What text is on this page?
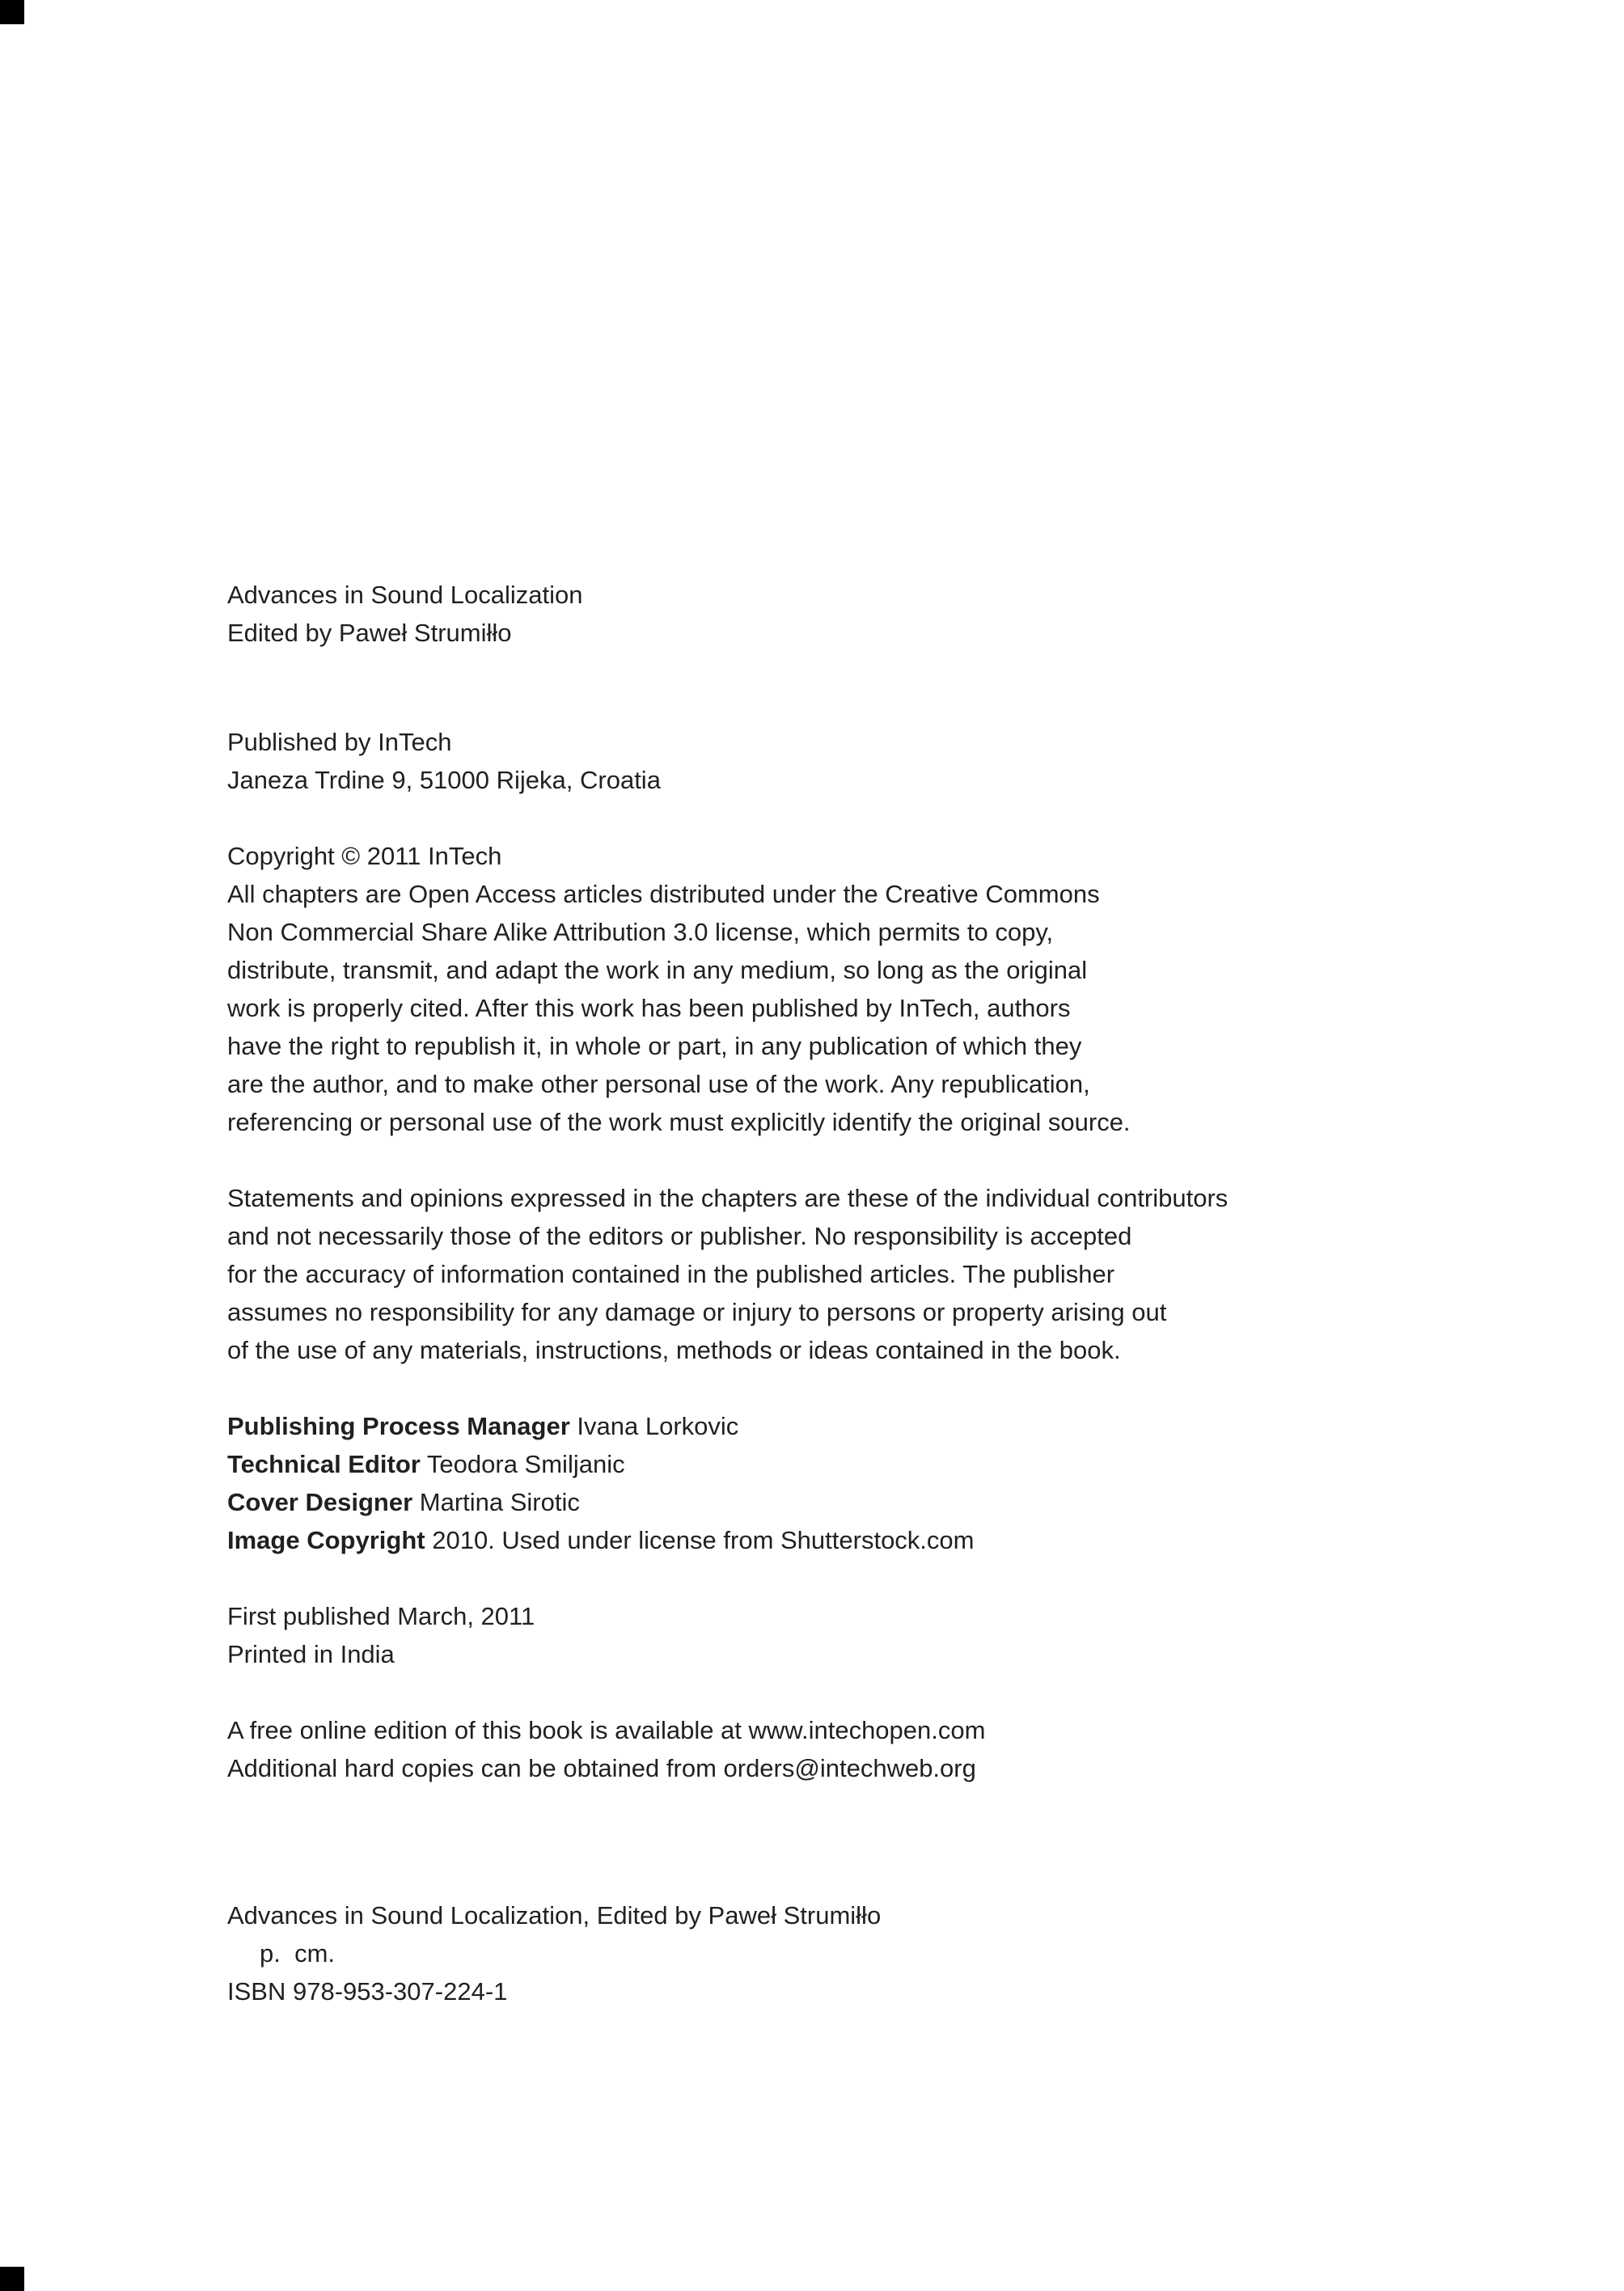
Advances in Sound Localization

Edited by Paweł Strumiłło

Published by InTech

Janeza Trdine 9, 51000 Rijeka, Croatia

Copyright © 2011 InTech

All chapters are Open Access articles distributed under the Creative Commons

Non Commercial Share Alike Attribution 3.0 license, which permits to copy,

distribute, transmit, and adapt the work in any medium, so long as the original

work is properly cited. After this work has been published by InTech, authors

have the right to republish it, in whole or part, in any publication of which they

are the author, and to make other personal use of the work. Any republication,

referencing or personal use of the work must explicitly identify the original source.

Statements and opinions expressed in the chapters are these of the individual contributors

and not necessarily those of the editors or publisher. No responsibility is accepted

for the accuracy of information contained in the published articles. The publisher

assumes no responsibility for any damage or injury to persons or property arising out

of the use of any materials, instructions, methods or ideas contained in the book.

Publishing Process Manager Ivana Lorkovic

Technical Editor Teodora Smiljanic

Cover Designer Martina Sirotic

Image Copyright 2010. Used under license from Shutterstock.com

First published March, 2011

Printed in India

A free online edition of this book is available at www.intechopen.com

Additional hard copies can be obtained from orders@intechweb.org

Advances in Sound Localization, Edited by Paweł Strumiłło

p.  cm.

ISBN 978-953-307-224-1
